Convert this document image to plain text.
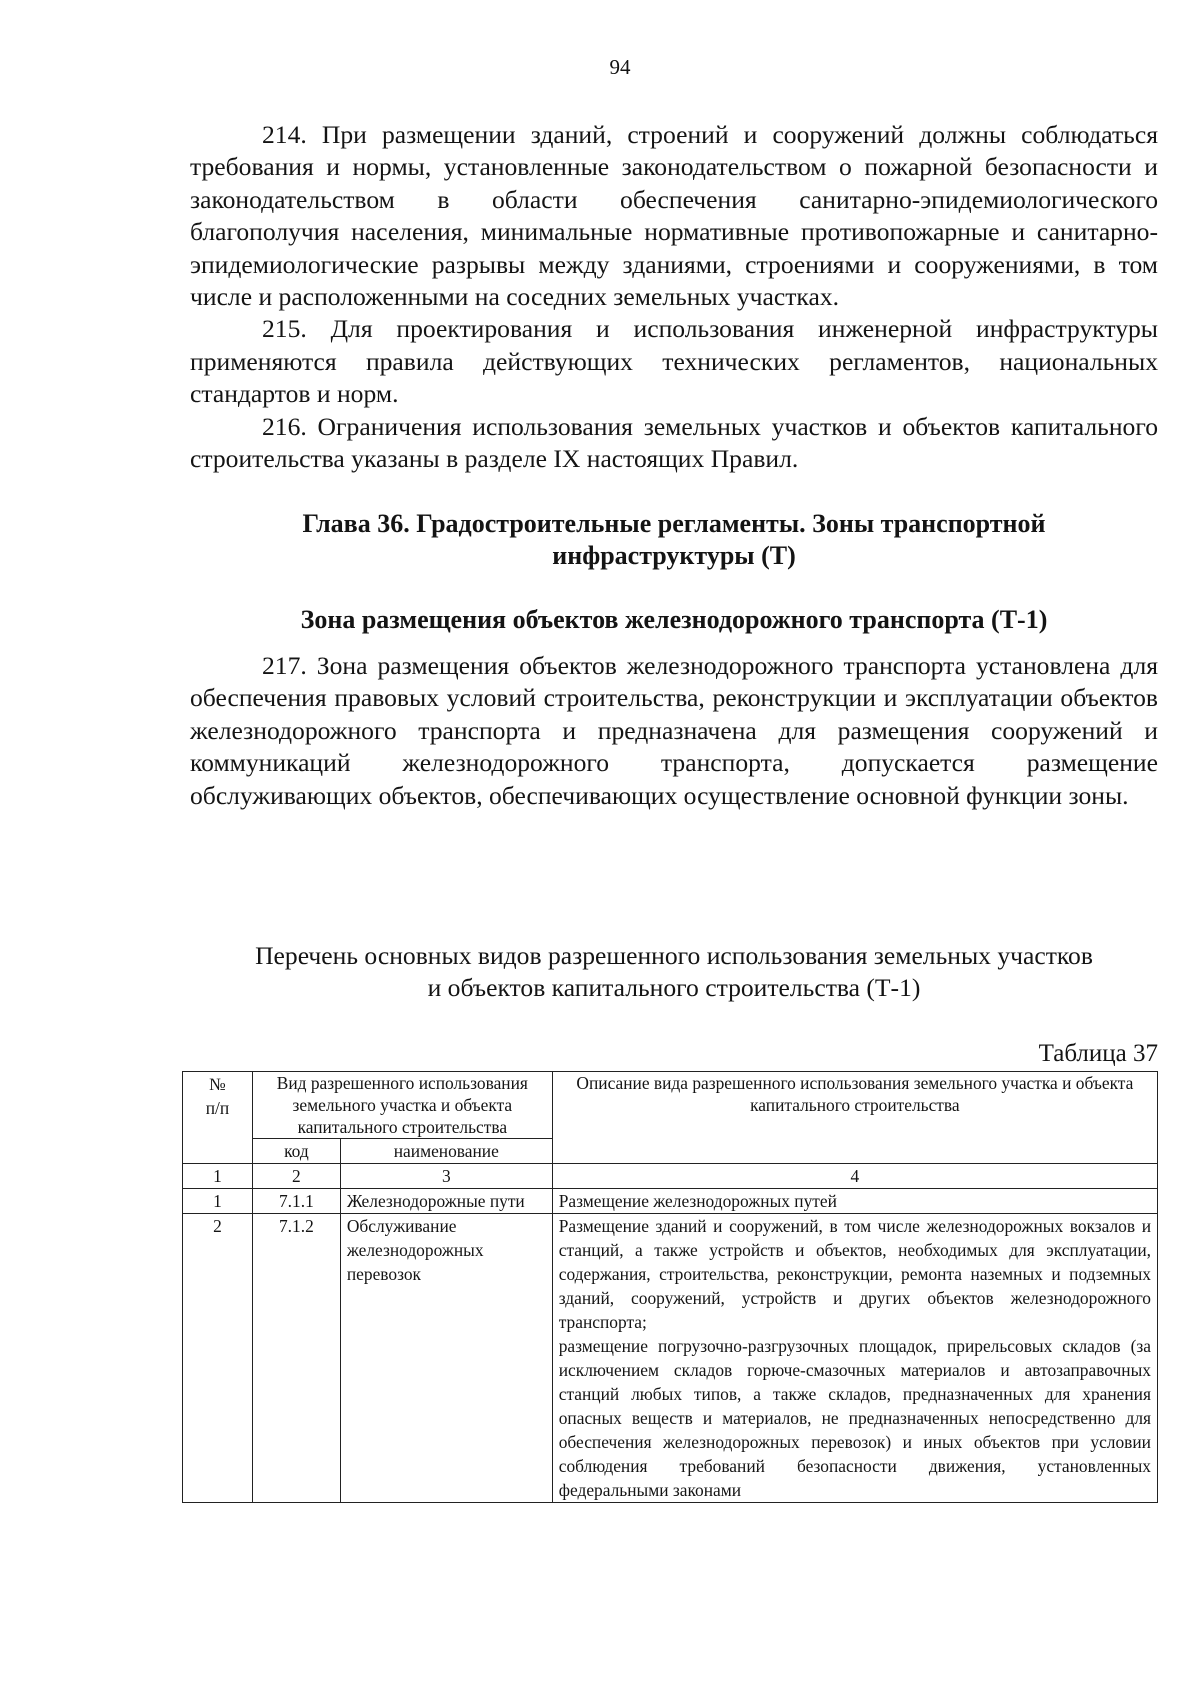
94

214. При размещении зданий, строений и сооружений должны соблюдаться требования и нормы, установленные законодательством о пожарной безопасности и законодательством в области обеспечения санитарно-эпидемиологического благополучия населения, минимальные нормативные противопожарные и санитарно-эпидемиологические разрывы между зданиями, строениями и сооружениями, в том числе и расположенными на соседних земельных участках.

215. Для проектирования и использования инженерной инфраструктуры применяются правила действующих технических регламентов, национальных стандартов и норм.

216. Ограничения использования земельных участков и объектов капитального строительства указаны в разделе IX настоящих Правил.

Глава 36. Градостроительные регламенты. Зоны транспортной
инфраструктуры (Т)
Зона размещения объектов железнодорожного транспорта (Т-1)

217. Зона размещения объектов железнодорожного транспорта установлена для обеспечения правовых условий строительства, реконструкции и эксплуатации объектов железнодорожного транспорта и предназначена для размещения сооружений и коммуникаций железнодорожного транспорта, допускается размещение обслуживающих объектов, обеспечивающих осуществление основной функции зоны.

Перечень основных видов разрешенного использования земельных участков
и объектов капитального строительства (Т-1)
Таблица 37
№
п/п	Вид разрешенного использования земельного участка и объекта капитального строительства		Описание вида разрешенного использования земельного участка и объекта капитального строительства
	код	наименование	
1	2	3	4
1	7.1.1	Железнодорожные пути	Размещение железнодорожных путей
2	7.1.2	Обслуживание железнодорожных перевозок	Размещение зданий и сооружений, в том числе железнодорожных вокзалов и станций, а также устройств и объектов, необходимых для эксплуатации, содержания, строительства, реконструкции, ремонта наземных и подземных зданий, сооружений, устройств и других объектов железнодорожного транспорта;
размещение погрузочно-разгрузочных площадок, прирельсовых складов (за исключением складов горюче-смазочных материалов и автозаправочных станций любых типов, а также складов, предназначенных для хранения опасных веществ и материалов, не предназначенных непосредственно для обеспечения железнодорожных перевозок) и иных объектов при условии соблюдения требований безопасности движения, установленных федеральными законами
